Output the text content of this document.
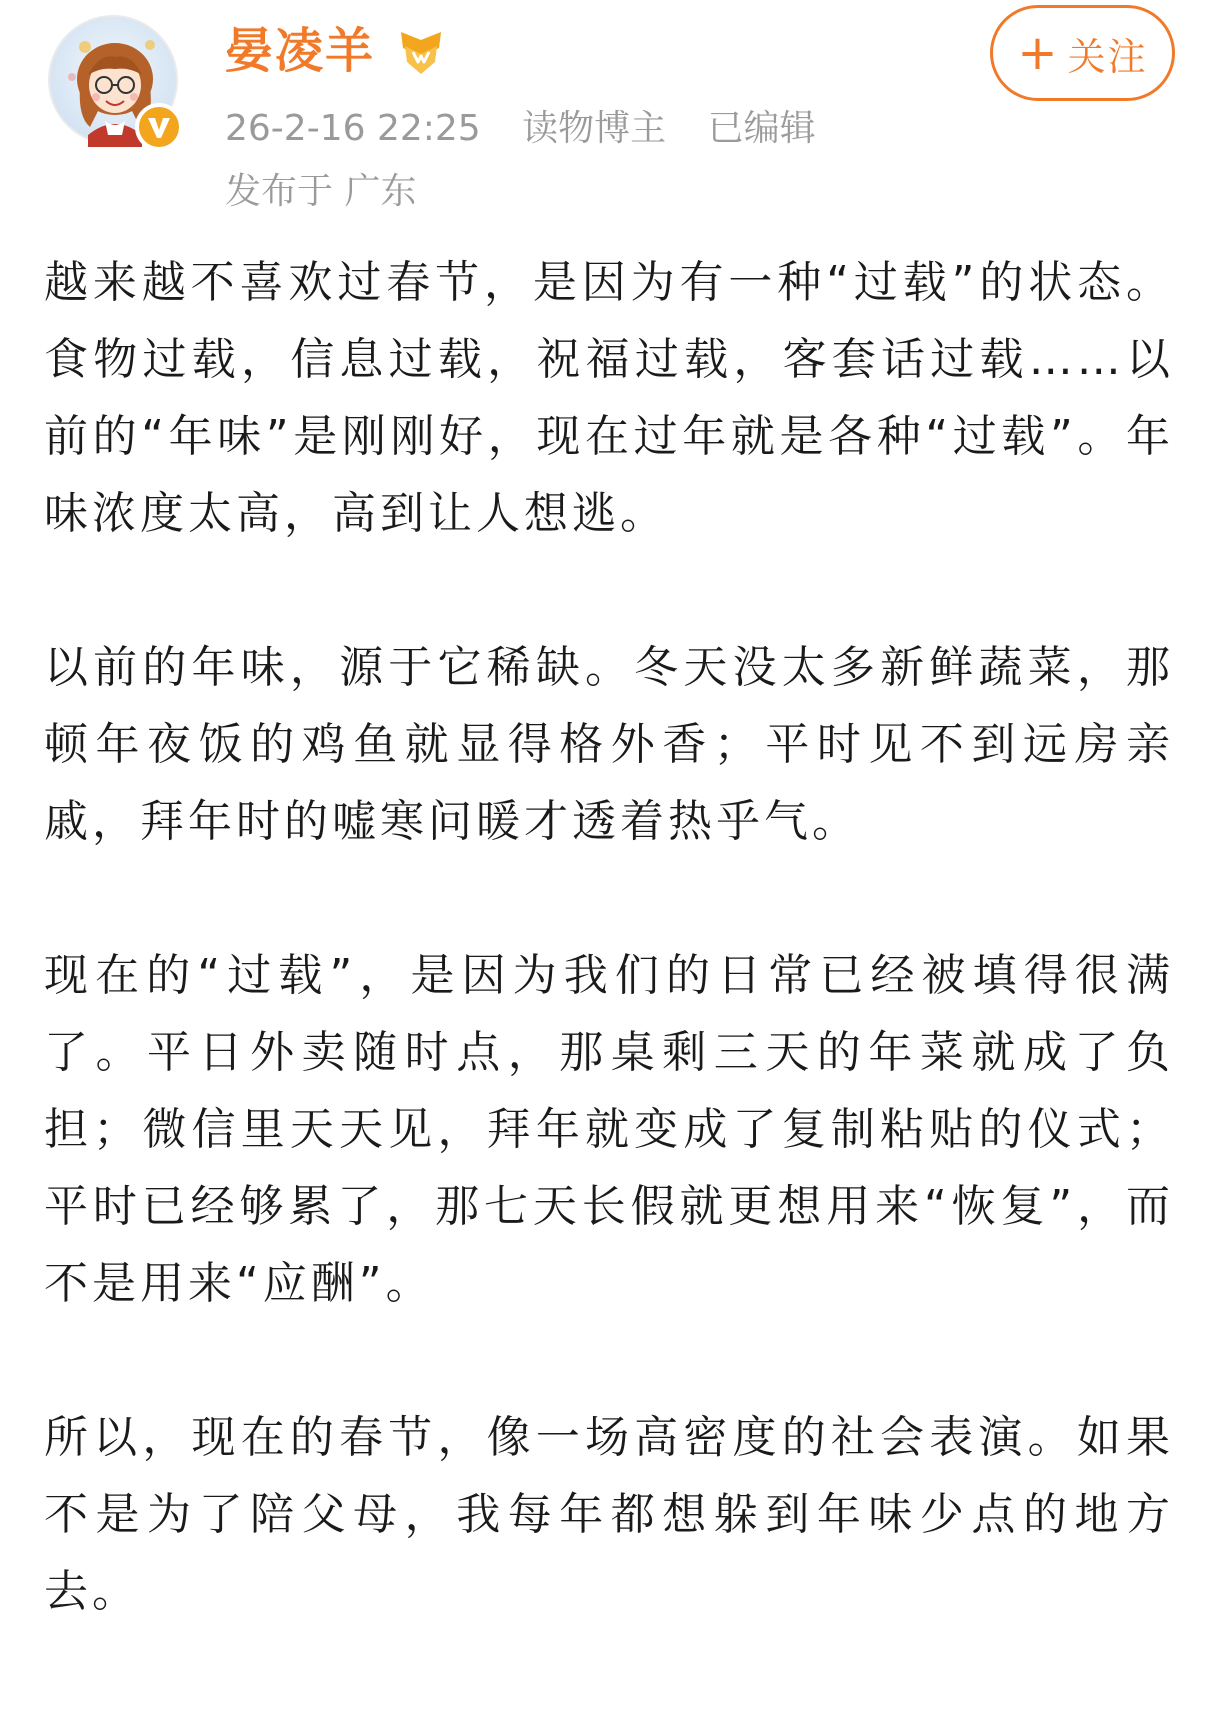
晏凌羊
26-2-16 22:25 读物博主 已编辑
发布于 广东
+ 关注

越来越不喜欢过春节，是因为有一种“过载”的状态。食物过载，信息过载，祝福过载，客套话过载……以前的“年味”是刚刚好，现在过年就是各种“过载”。年味浓度太高，高到让人想逃。

以前的年味，源于它稀缺。冬天没太多新鲜蔬菜，那顿年夜饭的鸡鱼就显得格外香；平时见不到远房亲戚，拜年时的嘘寒问暖才透着热乎气。

现在的“过载”，是因为我们的日常已经被填得很满了。平日外卖随时点，那桌剩三天的年菜就成了负担；微信里天天见，拜年就变成了复制粘贴的仪式；平时已经够累了，那七天长假就更想用来“恢复”，而不是用来“应酬”。

所以，现在的春节，像一场高密度的社会表演。如果不是为了陪父母，我每年都想躲到年味少点的地方去。
